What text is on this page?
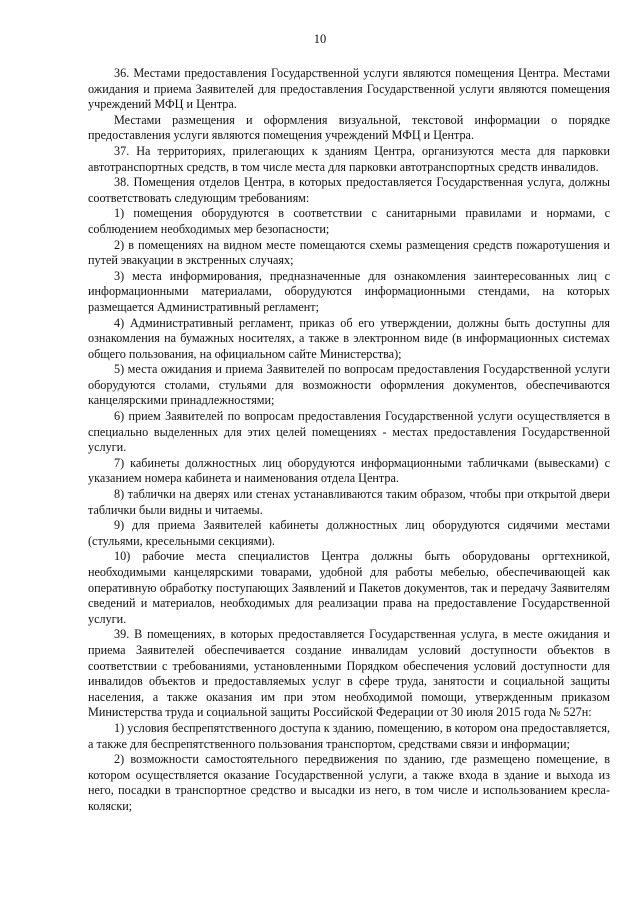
10

36. Местами предоставления Государственной услуги являются помещения Центра. Местами ожидания и приема Заявителей для предоставления Государственной услуги являются помещения учреждений МФЦ и Центра.

Местами размещения и оформления визуальной, текстовой информации о порядке предоставления услуги являются помещения учреждений МФЦ и Центра.

37. На территориях, прилегающих к зданиям Центра, организуются места для парковки автотранспортных средств, в том числе места для парковки автотранспортных средств инвалидов.

38. Помещения отделов Центра, в которых предоставляется Государственная услуга, должны соответствовать следующим требованиям:

1) помещения оборудуются в соответствии с санитарными правилами и нормами, с соблюдением необходимых мер безопасности;

2) в помещениях на видном месте помещаются схемы размещения средств пожаротушения и путей эвакуации в экстренных случаях;

3) места информирования, предназначенные для ознакомления заинтересованных лиц с информационными материалами, оборудуются информационными стендами, на которых размещается Административный регламент;

4) Административный регламент, приказ об его утверждении, должны быть доступны для ознакомления на бумажных носителях, а также в электронном виде (в информационных системах общего пользования, на официальном сайте Министерства);

5) места ожидания и приема Заявителей по вопросам предоставления Государственной услуги оборудуются столами, стульями для возможности оформления документов, обеспечиваются канцелярскими принадлежностями;

6) прием Заявителей по вопросам предоставления Государственной услуги осуществляется в специально выделенных для этих целей помещениях - местах предоставления Государственной услуги.

7) кабинеты должностных лиц оборудуются информационными табличками (вывесками) с указанием номера кабинета и наименования отдела Центра.

8) таблички на дверях или стенах устанавливаются таким образом, чтобы при открытой двери таблички были видны и читаемы.

9) для приема Заявителей кабинеты должностных лиц оборудуются сидячими местами (стульями, кресельными секциями).

10) рабочие места специалистов Центра должны быть оборудованы оргтехникой, необходимыми канцелярскими товарами, удобной для работы мебелью, обеспечивающей как оперативную обработку поступающих Заявлений и Пакетов документов, так и передачу Заявителям сведений и материалов, необходимых для реализации права на предоставление Государственной услуги.

39. В помещениях, в которых предоставляется Государственная услуга, в месте ожидания и приема Заявителей обеспечивается создание инвалидам условий доступности объектов в соответствии с требованиями, установленными Порядком обеспечения условий доступности для инвалидов объектов и предоставляемых услуг в сфере труда, занятости и социальной защиты населения, а также оказания им при этом необходимой помощи, утвержденным приказом Министерства труда и социальной защиты Российской Федерации от 30 июля 2015 года № 527н:

1) условия беспрепятственного доступа к зданию, помещению, в котором она предоставляется, а также для беспрепятственного пользования транспортом, средствами связи и информации;

2) возможности самостоятельного передвижения по зданию, где размещено помещение, в котором осуществляется оказание Государственной услуги, а также входа в здание и выхода из него, посадки в транспортное средство и высадки из него, в том числе и использованием кресла-коляски;
